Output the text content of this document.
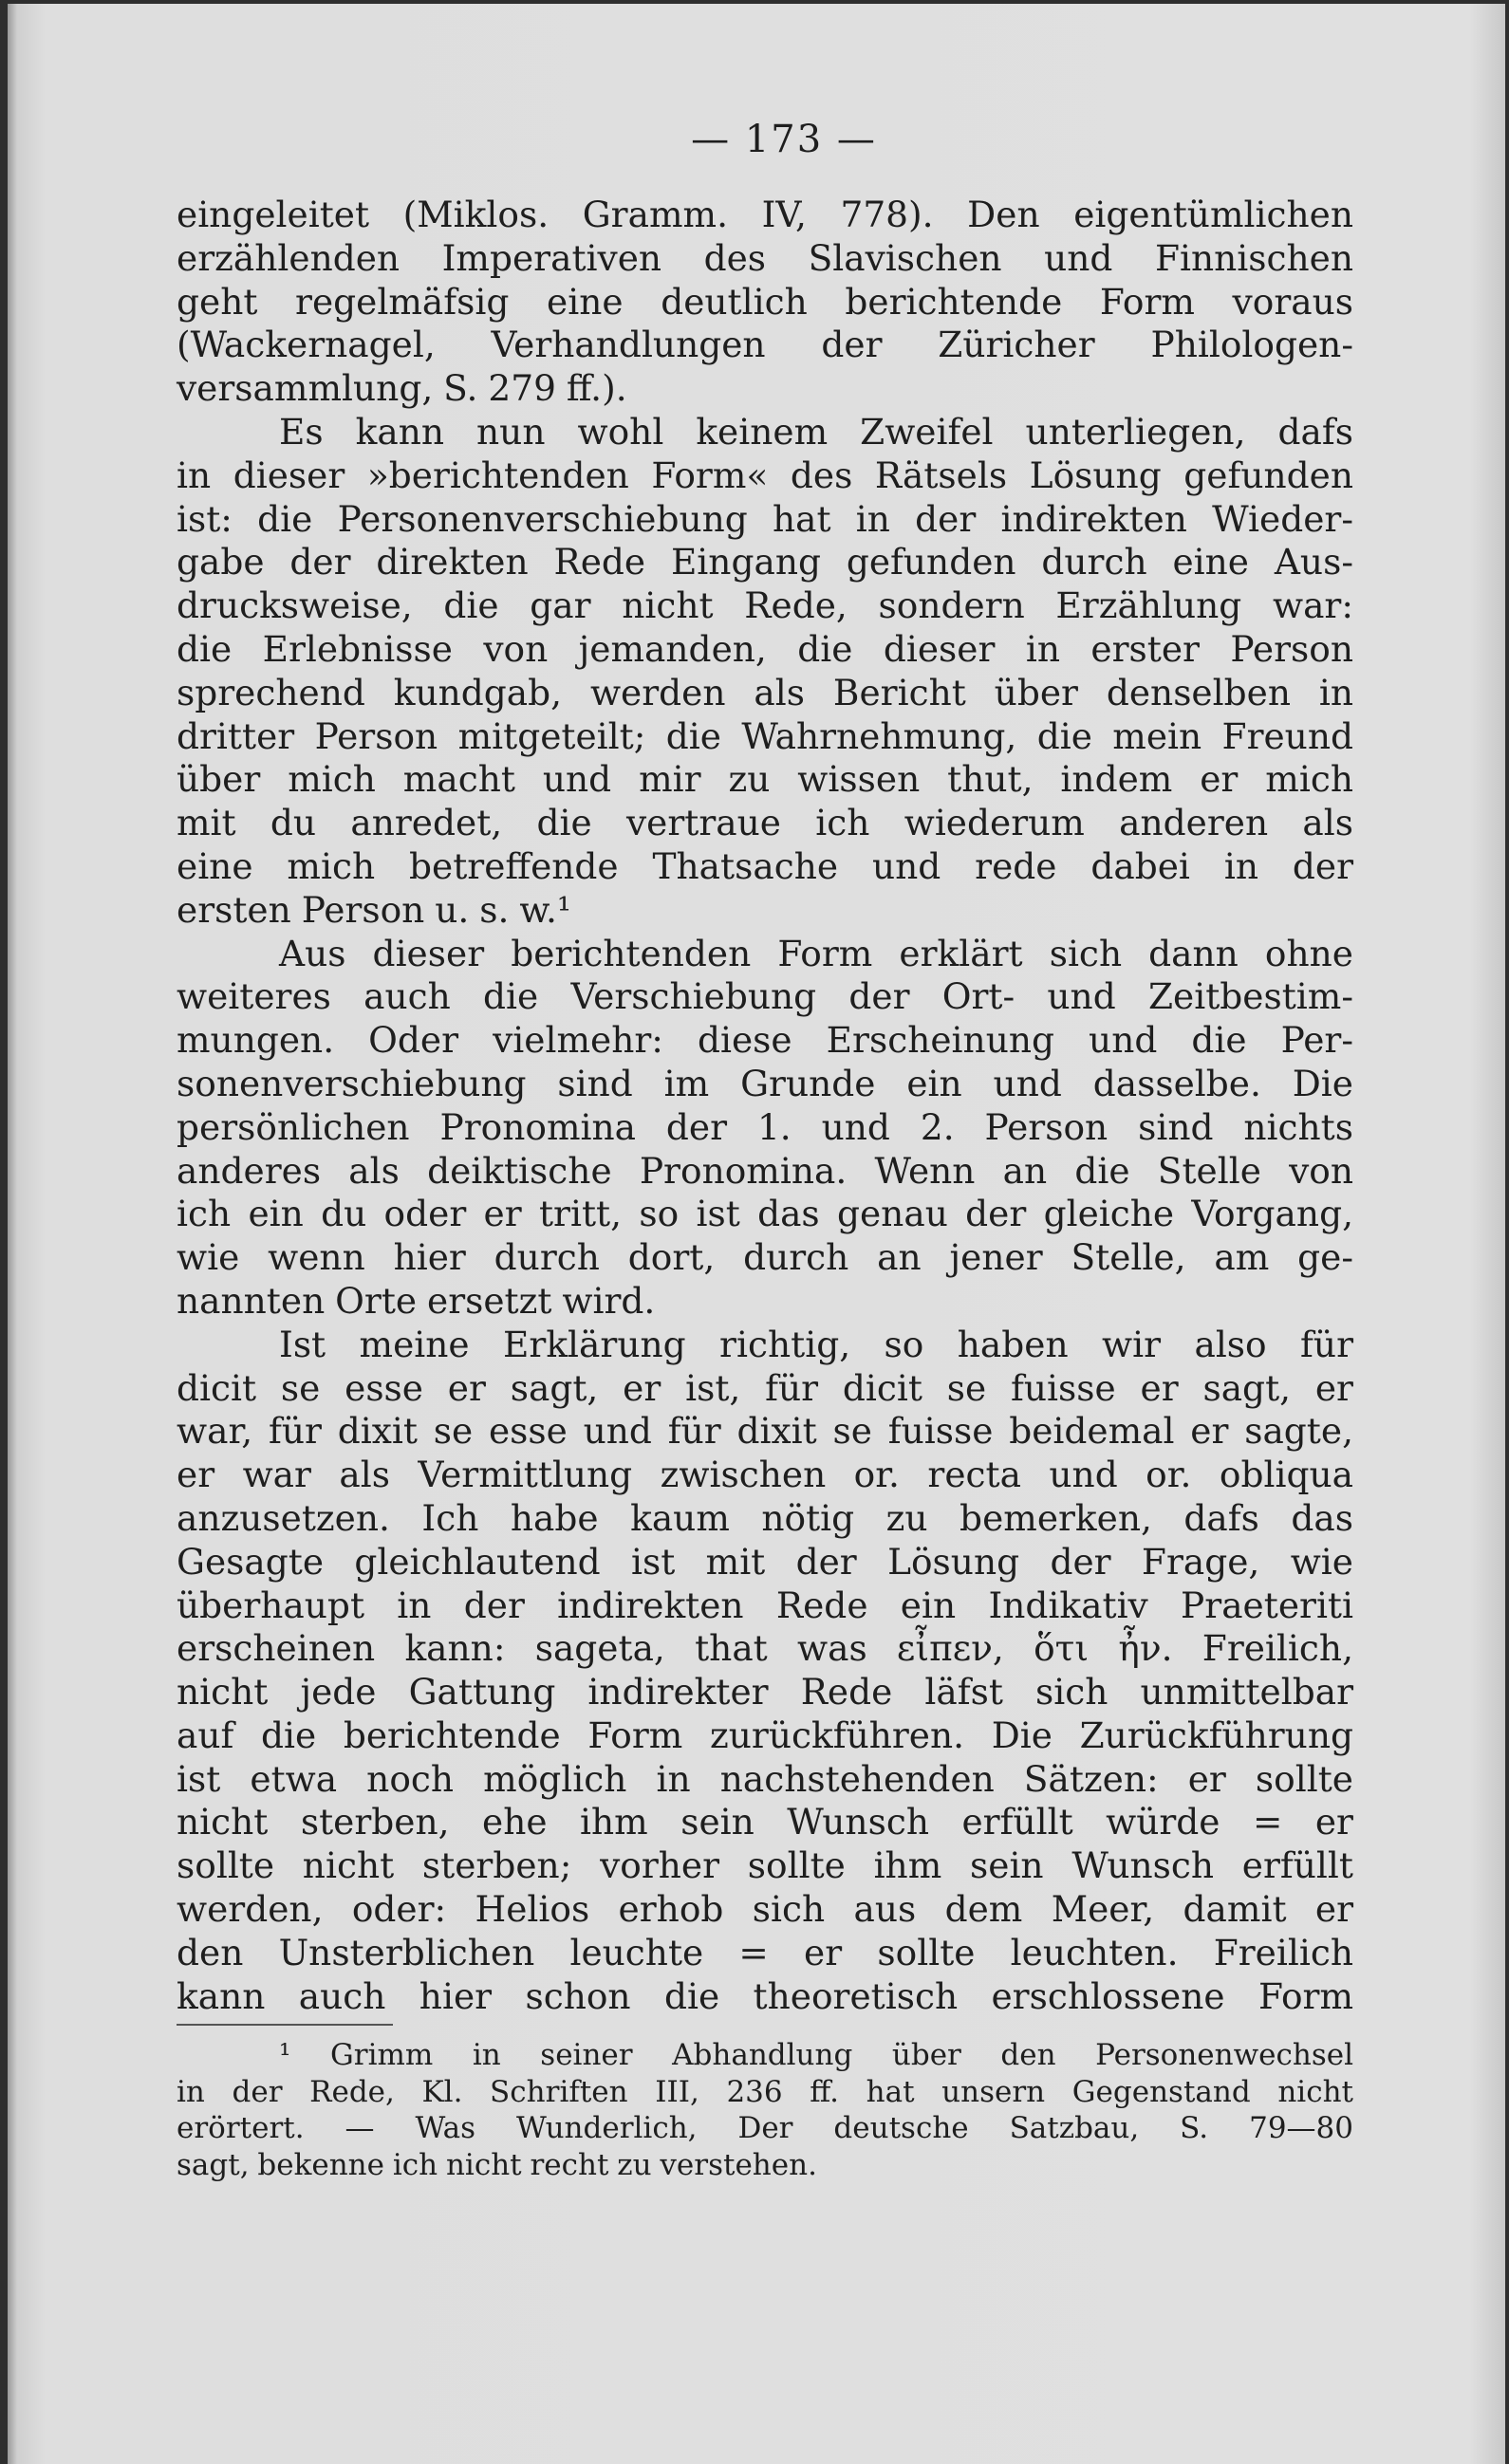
— 173 —
eingeleitet (Miklos. Gramm. IV, 778). Den eigentümlichen
erzählenden Imperativen des Slavischen und Finnischen
geht regelmäfsig eine deutlich berichtende Form voraus
(Wackernagel, Verhandlungen der Züricher Philologen-
versammlung, S. 279 ff.).
Es kann nun wohl keinem Zweifel unterliegen, dafs
in dieser »berichtenden Form« des Rätsels Lösung gefunden
ist: die Personenverschiebung hat in der indirekten Wieder-
gabe der direkten Rede Eingang gefunden durch eine Aus-
drucksweise, die gar nicht Rede, sondern Erzählung war:
die Erlebnisse von jemanden, die dieser in erster Person
sprechend kundgab, werden als Bericht über denselben in
dritter Person mitgeteilt; die Wahrnehmung, die mein Freund
über mich macht und mir zu wissen thut, indem er mich
mit du anredet, die vertraue ich wiederum anderen als
eine mich betreffende Thatsache und rede dabei in der
ersten Person u. s. w.¹
Aus dieser berichtenden Form erklärt sich dann ohne
weiteres auch die Verschiebung der Ort- und Zeitbestim-
mungen. Oder vielmehr: diese Erscheinung und die Per-
sonenverschiebung sind im Grunde ein und dasselbe. Die
persönlichen Pronomina der 1. und 2. Person sind nichts
anderes als deiktische Pronomina. Wenn an die Stelle von
ich ein du oder er tritt, so ist das genau der gleiche Vorgang,
wie wenn hier durch dort, durch an jener Stelle, am ge-
nannten Orte ersetzt wird.
Ist meine Erklärung richtig, so haben wir also für
dicit se esse er sagt, er ist, für dicit se fuisse er sagt, er
war, für dixit se esse und für dixit se fuisse beidemal er sagte,
er war als Vermittlung zwischen or. recta und or. obliqua
anzusetzen. Ich habe kaum nötig zu bemerken, dafs das
Gesagte gleichlautend ist mit der Lösung der Frage, wie
überhaupt in der indirekten Rede ein Indikativ Praeteriti
erscheinen kann: sageta, that was εἶπεν, ὅτι ἦν. Freilich,
nicht jede Gattung indirekter Rede läfst sich unmittelbar
auf die berichtende Form zurückführen. Die Zurückführung
ist etwa noch möglich in nachstehenden Sätzen: er sollte
nicht sterben, ehe ihm sein Wunsch erfüllt würde = er
sollte nicht sterben; vorher sollte ihm sein Wunsch erfüllt
werden, oder: Helios erhob sich aus dem Meer, damit er
den Unsterblichen leuchte = er sollte leuchten. Freilich
kann auch hier schon die theoretisch erschlossene Form
¹ Grimm in seiner Abhandlung über den Personenwechsel
in der Rede, Kl. Schriften III, 236 ff. hat unsern Gegenstand nicht
erörtert. — Was Wunderlich, Der deutsche Satzbau, S. 79—80
sagt, bekenne ich nicht recht zu verstehen.
